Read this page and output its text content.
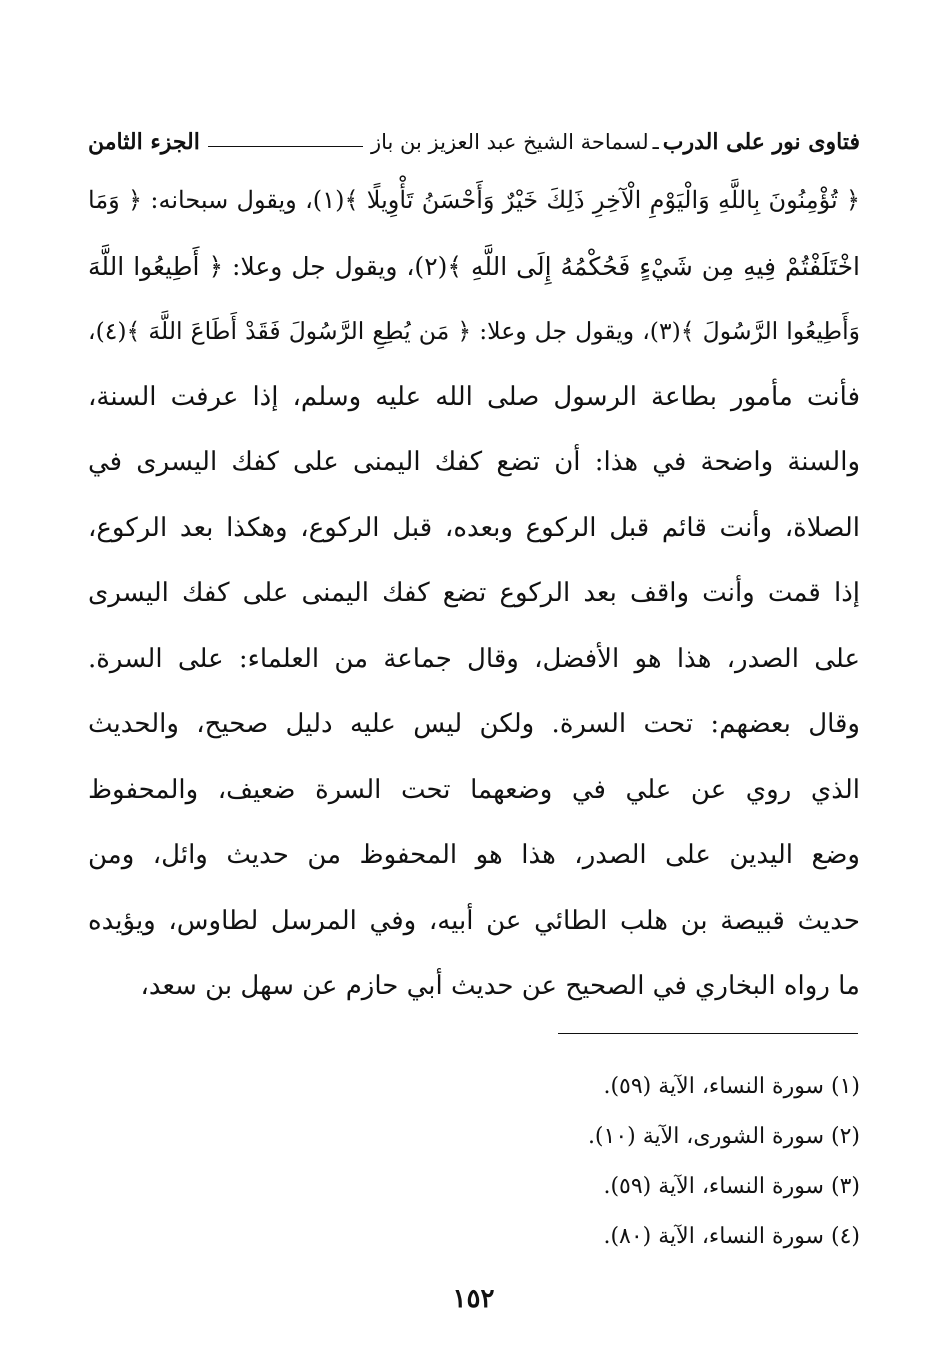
فتاوى نور على الدرب
ـ
لسماحة الشيخ عبد العزيز بن باز
الجزء الثامن
﴿ تُؤْمِنُونَ بِاللَّهِ وَالْيَوْمِ الْآخِرِ ذَلِكَ خَيْرٌ وَأَحْسَنُ تَأْوِيلًا ﴾(١)، ويقول سبحانه: ﴿ وَمَا
اخْتَلَفْتُمْ فِيهِ مِن شَيْءٍ فَحُكْمُهُ إِلَى اللَّهِ ﴾(٢)، ويقول جل وعلا: ﴿ أَطِيعُوا اللَّهَ
وَأَطِيعُوا الرَّسُولَ ﴾(٣)، ويقول جل وعلا: ﴿ مَن يُطِعِ الرَّسُولَ فَقَدْ أَطَاعَ اللَّهَ ﴾(٤)،
فأنت مأمور بطاعة الرسول صلى الله عليه وسلم، إذا عرفت السنة،
والسنة واضحة في هذا: أن تضع كفك اليمنى على كفك اليسرى في
الصلاة، وأنت قائم قبل الركوع وبعده، قبل الركوع، وهكذا بعد الركوع،
إذا قمت وأنت واقف بعد الركوع تضع كفك اليمنى على كفك اليسرى
على الصدر، هذا هو الأفضل، وقال جماعة من العلماء: على السرة.
وقال بعضهم: تحت السرة. ولكن ليس عليه دليل صحيح، والحديث
الذي روي عن علي في وضعهما تحت السرة ضعيف، والمحفوظ
وضع اليدين على الصدر، هذا هو المحفوظ من حديث وائل، ومن
حديث قبيصة بن هلب الطائي عن أبيه، وفي المرسل لطاوس، ويؤيده
ما رواه البخاري في الصحيح عن حديث أبي حازم عن سهل بن سعد،
(١) سورة النساء، الآية (٥٩).
(٢) سورة الشورى، الآية (١٠).
(٣) سورة النساء، الآية (٥٩).
(٤) سورة النساء، الآية (٨٠).
١٥٢
